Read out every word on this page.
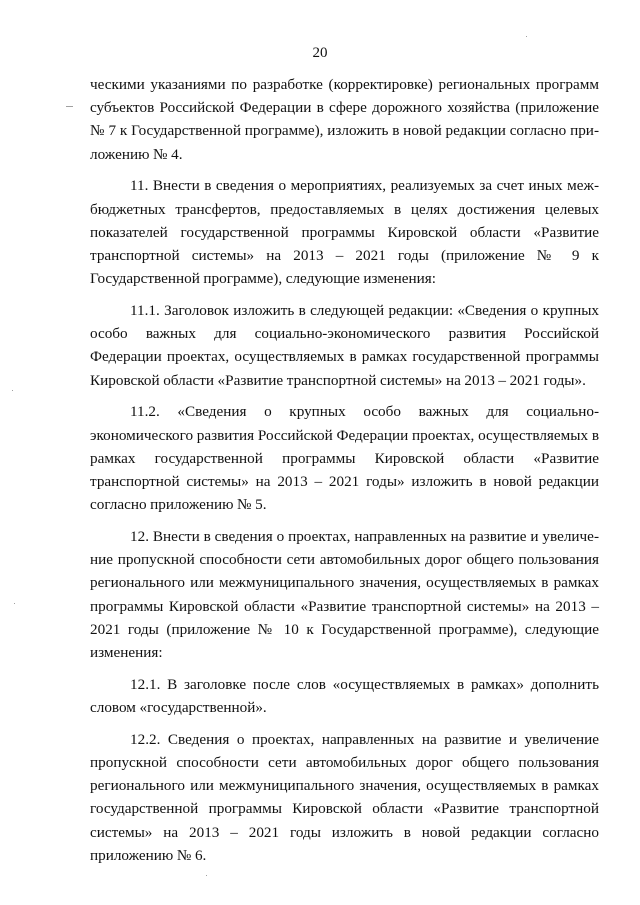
20

ческими указаниями по разработке (корректировке) региональных программ субъектов Российской Федерации в сфере дорожного хозяйства (приложение № 7 к Государственной программе), изложить в новой редакции согласно приложению № 4.

11. Внести в сведения о мероприятиях, реализуемых за счет иных межбюджетных трансфертов, предоставляемых в целях достижения целевых показателей государственной программы Кировской области «Развитие транспортной системы» на 2013 – 2021 годы (приложение № 9 к Государственной программе), следующие изменения:

11.1. Заголовок изложить в следующей редакции: «Сведения о крупных особо важных для социально-экономического развития Российской Федерации проектах, осуществляемых в рамках государственной программы Кировской области «Развитие транспортной системы» на 2013 – 2021 годы».

11.2. «Сведения о крупных особо важных для социально-экономического развития Российской Федерации проектах, осуществляемых в рамках государственной программы Кировской области «Развитие транспортной системы» на 2013 – 2021 годы» изложить в новой редакции согласно приложению № 5.

12. Внести в сведения о проектах, направленных на развитие и увеличение пропускной способности сети автомобильных дорог общего пользования регионального или межмуниципального значения, осуществляемых в рамках программы Кировской области «Развитие транспортной системы» на 2013 – 2021 годы (приложение № 10 к Государственной программе), следующие изменения:

12.1. В заголовке после слов «осуществляемых в рамках» дополнить словом «государственной».

12.2. Сведения о проектах, направленных на развитие и увеличение пропускной способности сети автомобильных дорог общего пользования регионального или межмуниципального значения, осуществляемых в рамках государственной программы Кировской области «Развитие транспортной системы» на 2013 – 2021 годы изложить в новой редакции согласно приложению № 6.
